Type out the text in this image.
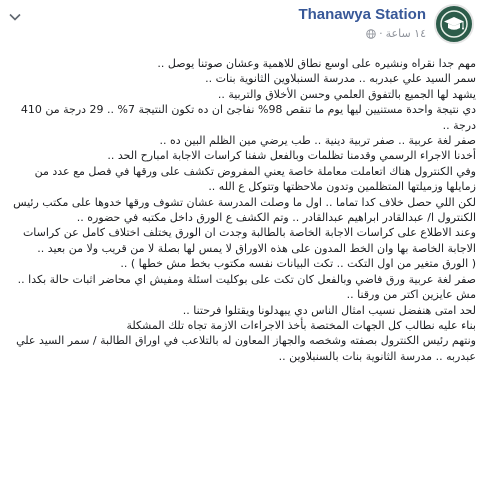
Thanawya Station
١٤ ساعة
·

مهم جدا نقراه ونشيره على اوسع نطاق للاهمية وعشان صوتنا يوصل ..

سمر السيد علي عبدربه .. مدرسة السنبلاوين الثانوية بنات ..

يشهد لها الجميع بالتفوق العلمي وحسن الأخلاق والتربية ..

دي نتيجة واحدة مستنيين ليها يوم ما تنقص 98% نفاجئ ان ده تكون النتيجة 7% .. 29 درجة من 410 درجة ..

صفر لغة عربية .. صفر تربية دينية .. طب يرضي مين الظلم البين ده ..

أخدنا الاجراء الرسمي وقدمنا تظلمات وبالفعل شفنا كراسات الاجابة امبارح الحد ..

وفي الكنترول هناك اتعاملت معاملة خاصة يعني المفروض تكشف على ورقها في فصل مع عدد من زمايلها وزميلتها المتظلمين وتدون ملاحظتها وتتوكل ع الله ..

لكن اللي حصل خلاف كدا تماما .. اول ما وصلت المدرسة عشان تشوف ورقها خدوها على مكتب رئيس الكنترول ا/ عبدالقادر ابراهيم عبدالقادر .. وتم الكشف ع الورق داخل مكتبه في حضوره ..

وعند الاطلاع على كراسات الاجابة الخاصة بالطالبة وجدت ان الورق يختلف اختلاف كامل عن كراسات الاجابة الخاصة بها وان الخط المدون على هذه الاوراق لا يمس لها بصلة لا من قريب ولا من بعيد ..

( الورق متغير من اول التكت .. تكت البيانات نفسه مكتوب بخط مش خطها ) ..

صفر لغة عربية ورق فاضي وبالفعل كان تكت على بوكليت اسئلة ومفيش اي محاضر اثبات حالة بكدا .. مش عايزين اكتر من ورقنا ..

لحد امتى هنفضل نسيب امثال الناس دي يبهدلونا ويقتلوا فرحتنا ..

بناء عليه نطالب كل الجهات المختصة بأخذ الاجراءات الازمة تجاه تلك المشكلة

ونتهم رئيس الكنترول بصفته وشخصه والجهاز المعاون له بالتلاعب في اوراق الطالبة / سمر السيد علي عبدربه .. مدرسة الثانوية بنات بالسنبلاوين ..
